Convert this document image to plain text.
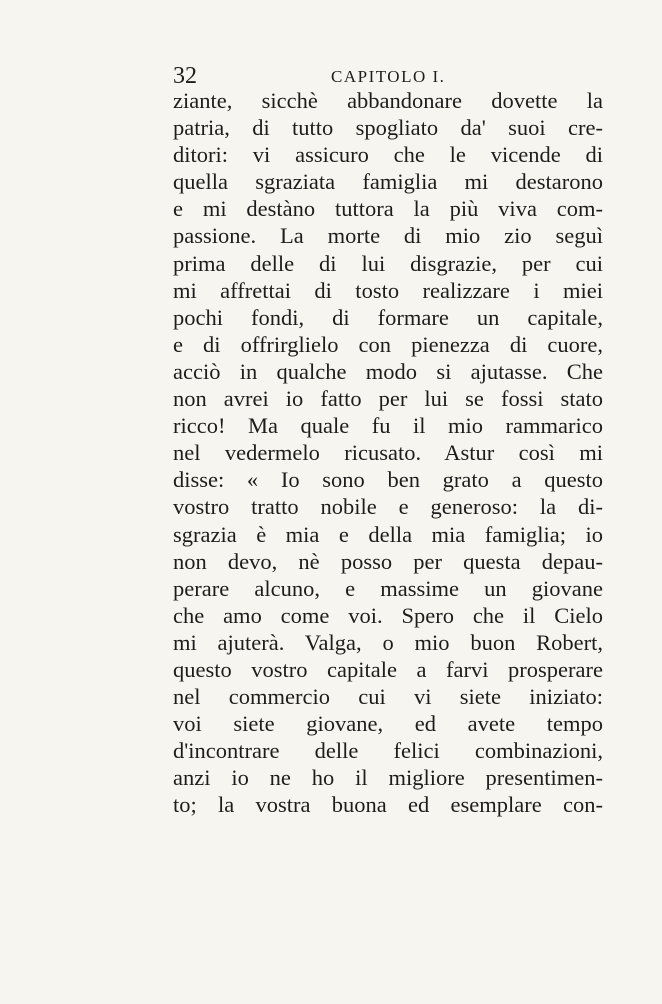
32	CAPITOLO I.
ziante, sicchè abbandonare dovette la
patria, di tutto spogliato da' suoi cre-
ditori: vi assicuro che le vicende di
quella sgraziata famiglia mi destarono
e mi destàno tuttora la più viva com-
passione. La morte di mio zio seguì
prima delle di lui disgrazie, per cui
mi affrettai di tosto realizzare i miei
pochi fondi, di formare un capitale,
e di offrirglielo con pienezza di cuore,
acciò in qualche modo si ajutasse. Che
non avrei io fatto per lui se fossi stato
ricco! Ma quale fu il mio rammarico
nel vedermelo ricusato. Astur così mi
disse: « Io sono ben grato a questo
vostro tratto nobile e generoso: la di-
sgrazia è mia e della mia famiglia; io
non devo, nè posso per questa depau-
perare alcuno, e massime un giovane
che amo come voi. Spero che il Cielo
mi ajuterà. Valga, o mio buon Robert,
questo vostro capitale a farvi prosperare
nel commercio cui vi siete iniziato:
voi siete giovane, ed avete tempo
d'incontrare delle felici combinazioni,
anzi io ne ho il migliore presentimen-
to; la vostra buona ed esemplare con-
